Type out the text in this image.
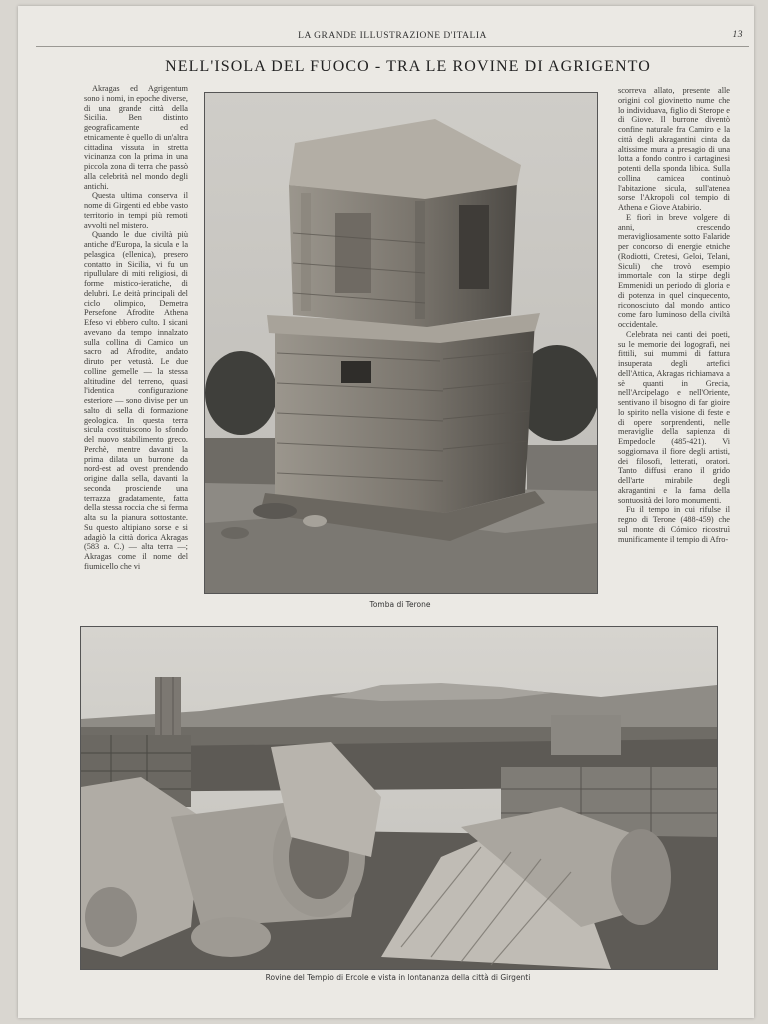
LA GRANDE ILLUSTRAZIONE D'ITALIA	13
NELL'ISOLA DEL FUOCO - TRA LE ROVINE DI AGRIGENTO

Akragas ed Agrigentum sono i nomi, in epoche diverse, di una grande città della Sicilia. Ben distinto geograficamente ed etnicamente è quello di un'altra cittadina vissuta in stretta vicinanza con la prima in una piccola zona di terra che passò alla celebrità nel mondo degli antichi.

Questa ultima conserva il nome di Girgenti ed ebbe vasto territorio in tempi più remoti avvolti nel mistero.

Quando le due civiltà più antiche d'Europa, la sicula e la pelasgica (ellenica), presero contatto in Sicilia, vi fu un ripullulare di miti religiosi, di forme mistico-ieratiche, di delubri. Le deità principali del ciclo olimpico, Demetra Persefone Afrodite Athena Efeso vi ebbero culto. I sicani avevano da tempo innalzato sulla collina di Camico un sacro ad Afrodite, andato diruto per vetustà. Le due colline gemelle — la stessa altitudine del terreno, quasi l'identica configurazione esteriore — sono divise per un salto di sella di formazione geologica. In questa terra sicula costituiscono lo sfondo del nuovo stabilimento greco. Perchè, mentre davanti la prima dilata un burrone da nord-est ad ovest prendendo origine dalla sella, davanti la seconda prosciende una terrazza gradatamente, fatta della stessa roccia che si ferma alta su la pianura sottostante. Su questo altipiano sorse e si adagiò la città dorica Akragas (583 a. C.) — alta terra —; Akragas come il nome del fiumicello che vi

Tomba di Terone

scorreva allato, presente alle origini col giovinetto nume che lo individuava, figlio di Sterope e di Giove. Il burrone diventò confine naturale fra Camiro e la città degli akragantini cinta da altissime mura a presagio di una lotta a fondo contro i cartaginesi potenti della sponda libica. Sulla collina camicea continuò l'abitazione sicula, sull'atenea sorse l'Akropoli col tempio di Athena e Giove Atabirio.

E fiorì in breve volgere di anni, crescendo meravigliosamente sotto Falaride per concorso di energie etniche (Rodiotti, Cretesi, Geloi, Telani, Siculi) che trovò esempio immortale con la stirpe degli Emmenidi un periodo di gloria e di potenza in quel cinquecento, riconosciuto dal mondo antico come faro luminoso della civiltà occidentale.

Celebrata nei canti dei poeti, su le memorie dei logografi, nei fittili, sui mummi di fattura insuperata degli artefici dell'Attica, Akragas richiamava a sè quanti in Grecia, nell'Arcipelago e nell'Oriente, sentivano il bisogno di far gioire lo spirito nella visione di feste e di opere sorprendenti, nelle meraviglie della sapienza di Empedocle (485-421). Vi soggiornava il fiore degli artisti, dei filosofi, letterati, oratori. Tanto diffusi erano il grido dell'arte mirabile degli akragantini e la fama della sontuosità dei loro monumenti.

Fu il tempo in cui rifulse il regno di Terone (488-459) che sul monte di Cómico ricostruì munificamente il tempio di Afro-

Rovine del Tempio di Ercole e vista in lontananza della città di Girgenti
